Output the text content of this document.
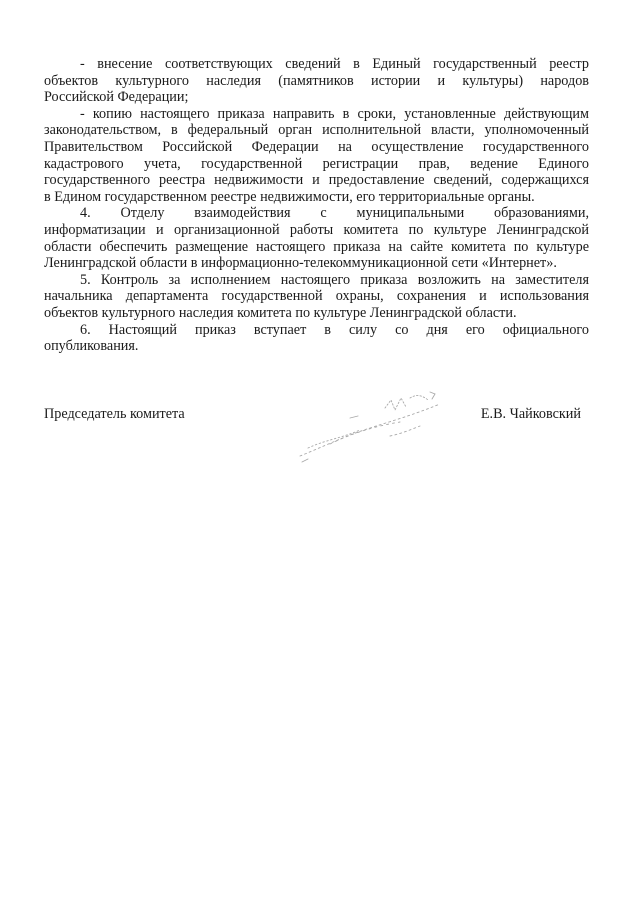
- внесение соответствующих сведений в Единый государственный реестр
объектов культурного наследия (памятников истории и культуры) народов
Российской Федерации;

- копию настоящего приказа направить в сроки, установленные действующим
законодательством, в федеральный орган исполнительной власти, уполномоченный
Правительством Российской Федерации на осуществление государственного
кадастрового учета, государственной регистрации прав, ведение Единого
государственного реестра недвижимости и предоставление сведений, содержащихся
в Едином государственном реестре недвижимости, его территориальные органы.

4. Отделу взаимодействия с муниципальными образованиями,
информатизации и организационной работы комитета по культуре Ленинградской
области обеспечить размещение настоящего приказа на сайте комитета по культуре
Ленинградской области в информационно-телекоммуникационной сети «Интернет».

5. Контроль за исполнением настоящего приказа возложить на заместителя
начальника департамента государственной охраны, сохранения и использования
объектов культурного наследия комитета по культуре Ленинградской области.

6. Настоящий приказ вступает в силу со дня его официального
опубликования.

Председатель комитета	Е.В. Чайковский
